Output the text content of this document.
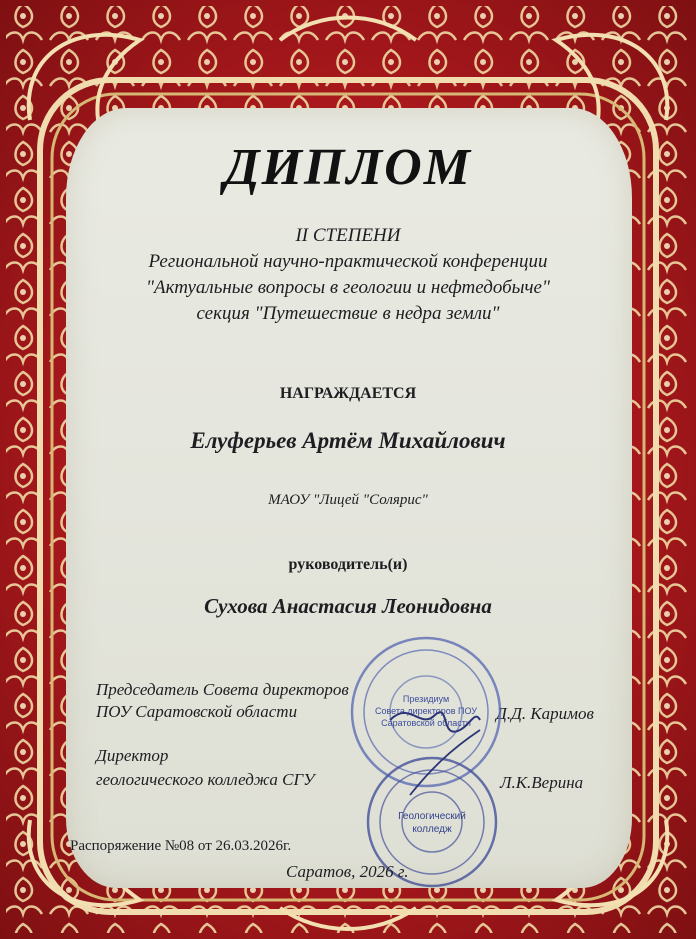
ДИПЛОМ
II СТЕПЕНИ
Региональной научно-практической конференции
"Актуальные вопросы в геологии и нефтедобыче"
секция "Путешествие в недра земли"
НАГРАЖДАЕТСЯ
Елуферьев Артём Михайлович
МАОУ "Лицей "Солярис"
руководитель(и)
Сухова Анастасия Леонидовна
Председатель Совета директоров
ПОУ Саратовской области	Д.Д. Каримов
Директор
геологического колледжа СГУ	Л.К.Верина
Президиум
Совета директоров ПОУ
Саратовской области
Геологический
колледж
Распоряжение №08 от 26.03.2026г.
Саратов, 2026 г.
